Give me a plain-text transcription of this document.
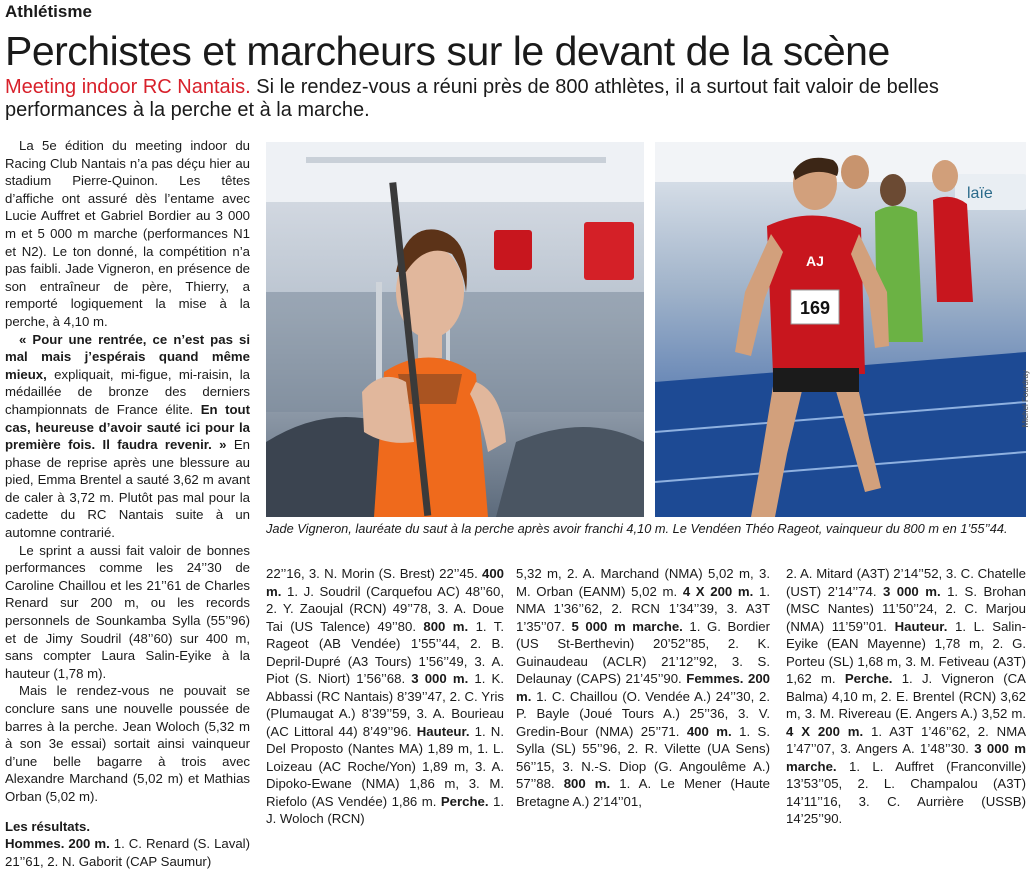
Athlétisme
Perchistes et marcheurs sur le devant de la scène
Meeting indoor RC Nantais. Si le rendez-vous a réuni près de 800 athlètes, il a surtout fait valoir de belles performances à la perche et à la marche.

La 5e édition du meeting indoor du Racing Club Nantais n’a pas déçu hier au stadium Pierre-Quinon. Les têtes d’affiche ont assuré dès l’entame avec Lucie Auffret et Gabriel Bordier au 3 000 m et 5 000 m marche (performances N1 et N2). Le ton donné, la compétition n’a pas faibli. Jade Vigneron, en présence de son entraîneur de père, Thierry, a remporté logiquement la mise à la perche, à 4,10 m.

« Pour une rentrée, ce n’est pas si mal mais j’espérais quand même mieux, expliquait, mi-figue, mi-raisin, la médaillée de bronze des derniers championnats de France élite. En tout cas, heureuse d’avoir sauté ici pour la première fois. Il faudra revenir. » En phase de reprise après une blessure au pied, Emma Brentel a sauté 3,62 m avant de caler à 3,72 m. Plutôt pas mal pour la cadette du RC Nantais suite à un automne contrarié.

Le sprint a aussi fait valoir de bonnes performances comme les 24’’30 de Caroline Chaillou et les 21’’61 de Charles Renard sur 200 m, ou les records personnels de Sounkamba Sylla (55’’96) et de Jimy Soudril (48’’60) sur 400 m, sans compter Laura Salin-Eyike à la hauteur (1,78 m).

Mais le rendez-vous ne pouvait se conclure sans une nouvelle poussée de barres à la perche. Jean Woloch (5,32 m à son 3e essai) sortait ainsi vainqueur d’une belle bagarre à trois avec Alexandre Marchand (5,02 m) et Mathias Orban (5,02 m).

Les résultats.

Hommes. 200 m. 1. C. Renard (S. Laval) 21’’61, 2. N. Gaborit (CAP Saumur)

laïe
169
AJ
Michel Fourdray
Jade Vigneron, lauréate du saut à la perche après avoir franchi 4,10 m. Le Vendéen Théo Rageot, vainqueur du 800 m en 1’55’’44.
22’’16, 3. N. Morin (S. Brest) 22’’45. 400 m. 1. J. Soudril (Carquefou AC) 48’’60, 2. Y. Zaoujal (RCN) 49’’78, 3. A. Doue Tai (US Talence) 49’’80. 800 m. 1. T. Rageot (AB Vendée) 1’55’’44, 2. B. Depril-Dupré (A3 Tours) 1’56’’49, 3. A. Piot (S. Niort) 1’56’’68. 3 000 m. 1. K. Abbassi (RC Nantais) 8’39’’47, 2. C. Yris (Plumaugat A.) 8’39’’59, 3. A. Bourieau (AC Littoral 44) 8’49’’96. Hauteur. 1. N. Del Proposto (Nantes MA) 1,89 m, 1. L. Loizeau (AC Roche/Yon) 1,89 m, 3. A. Dipoko-Ewane (NMA) 1,86 m, 3. M. Riefolo (AS Vendée) 1,86 m. Perche. 1. J. Woloch (RCN)
5,32 m, 2. A. Marchand (NMA) 5,02 m, 3. M. Orban (EANM) 5,02 m. 4 X 200 m. 1. NMA 1’36’’62, 2. RCN 1’34’’39, 3. A3T 1’35’’07. 5 000 m marche. 1. G. Bordier (US St-Berthevin) 20’52’’85, 2. K. Guinaudeau (ACLR) 21’12’’92, 3. S. Delaunay (CAPS) 21’45’’90. Femmes. 200 m. 1. C. Chaillou (O. Vendée A.) 24’’30, 2. P. Bayle (Joué Tours A.) 25’’36, 3. V. Gredin-Bour (NMA) 25’’71. 400 m. 1. S. Sylla (SL) 55’’96, 2. R. Vilette (UA Sens) 56’’15, 3. N.-S. Diop (G. Angoulême A.) 57’’88. 800 m. 1. A. Le Mener (Haute Bretagne A.) 2’14’’01,
2. A. Mitard (A3T) 2’14’’52, 3. C. Chatelle (UST) 2’14’’74. 3 000 m. 1. S. Brohan (MSC Nantes) 11’50’’24, 2. C. Marjou (NMA) 11’59’’01. Hauteur. 1. L. Salin-Eyike (EAN Mayenne) 1,78 m, 2. G. Porteu (SL) 1,68 m, 3. M. Fetiveau (A3T) 1,62 m. Perche. 1. J. Vigneron (CA Balma) 4,10 m, 2. E. Brentel (RCN) 3,62 m, 3. M. Rivereau (E. Angers A.) 3,52 m. 4 X 200 m. 1. A3T 1’46’’62, 2. NMA 1’47’’07, 3. Angers A. 1’48’’30. 3 000 m marche. 1. L. Auffret (Franconville) 13’53’’05, 2. L. Champalou (A3T) 14’11’’16, 3. C. Aurrière (USSB) 14’25’’90.
